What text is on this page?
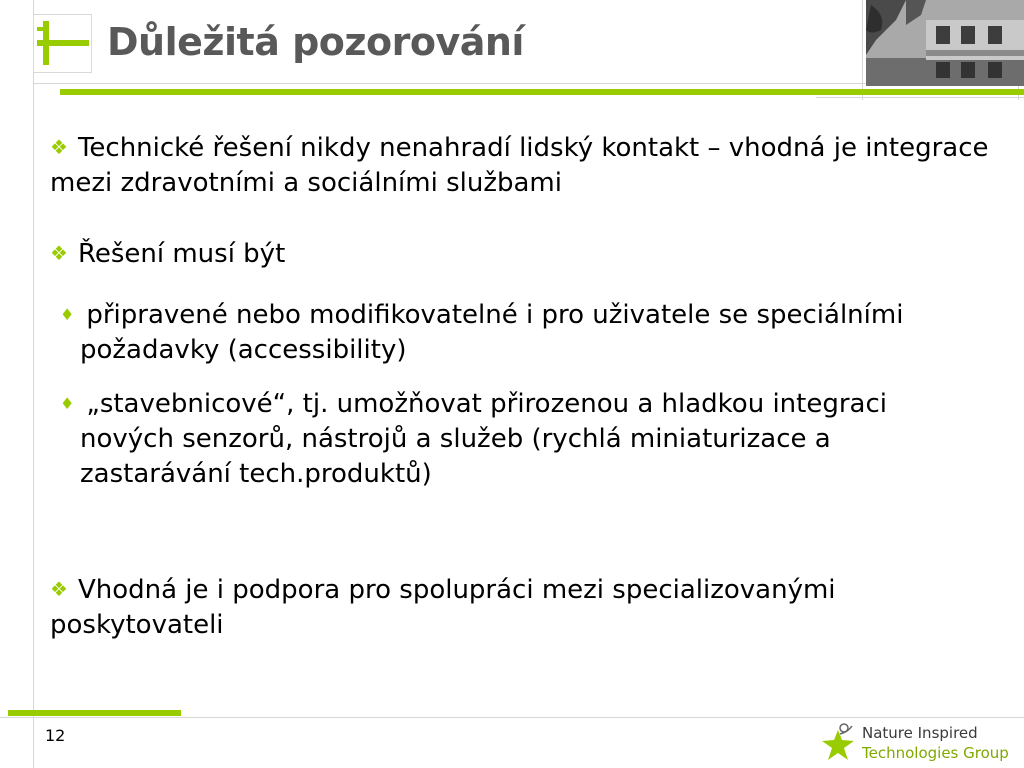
Důležitá pozorování
❖ Technické řešení nikdy nenahradí lidský kontakt – vhodná je integrace mezi zdravotními a sociálními službami
❖ Řešení musí být
♦ připravené nebo modifikovatelné i pro uživatele se speciálními požadavky (accessibility)
♦ „stavebnicové“, tj. umožňovat přirozenou a hladkou integraci nových senzorů, nástrojů a služeb (rychlá miniaturizace a zastarávání tech.produktů)
❖ Vhodná je i podpora pro spolupráci mezi specializovanými poskytovateli
12	Nature Inspired
Technologies Group
